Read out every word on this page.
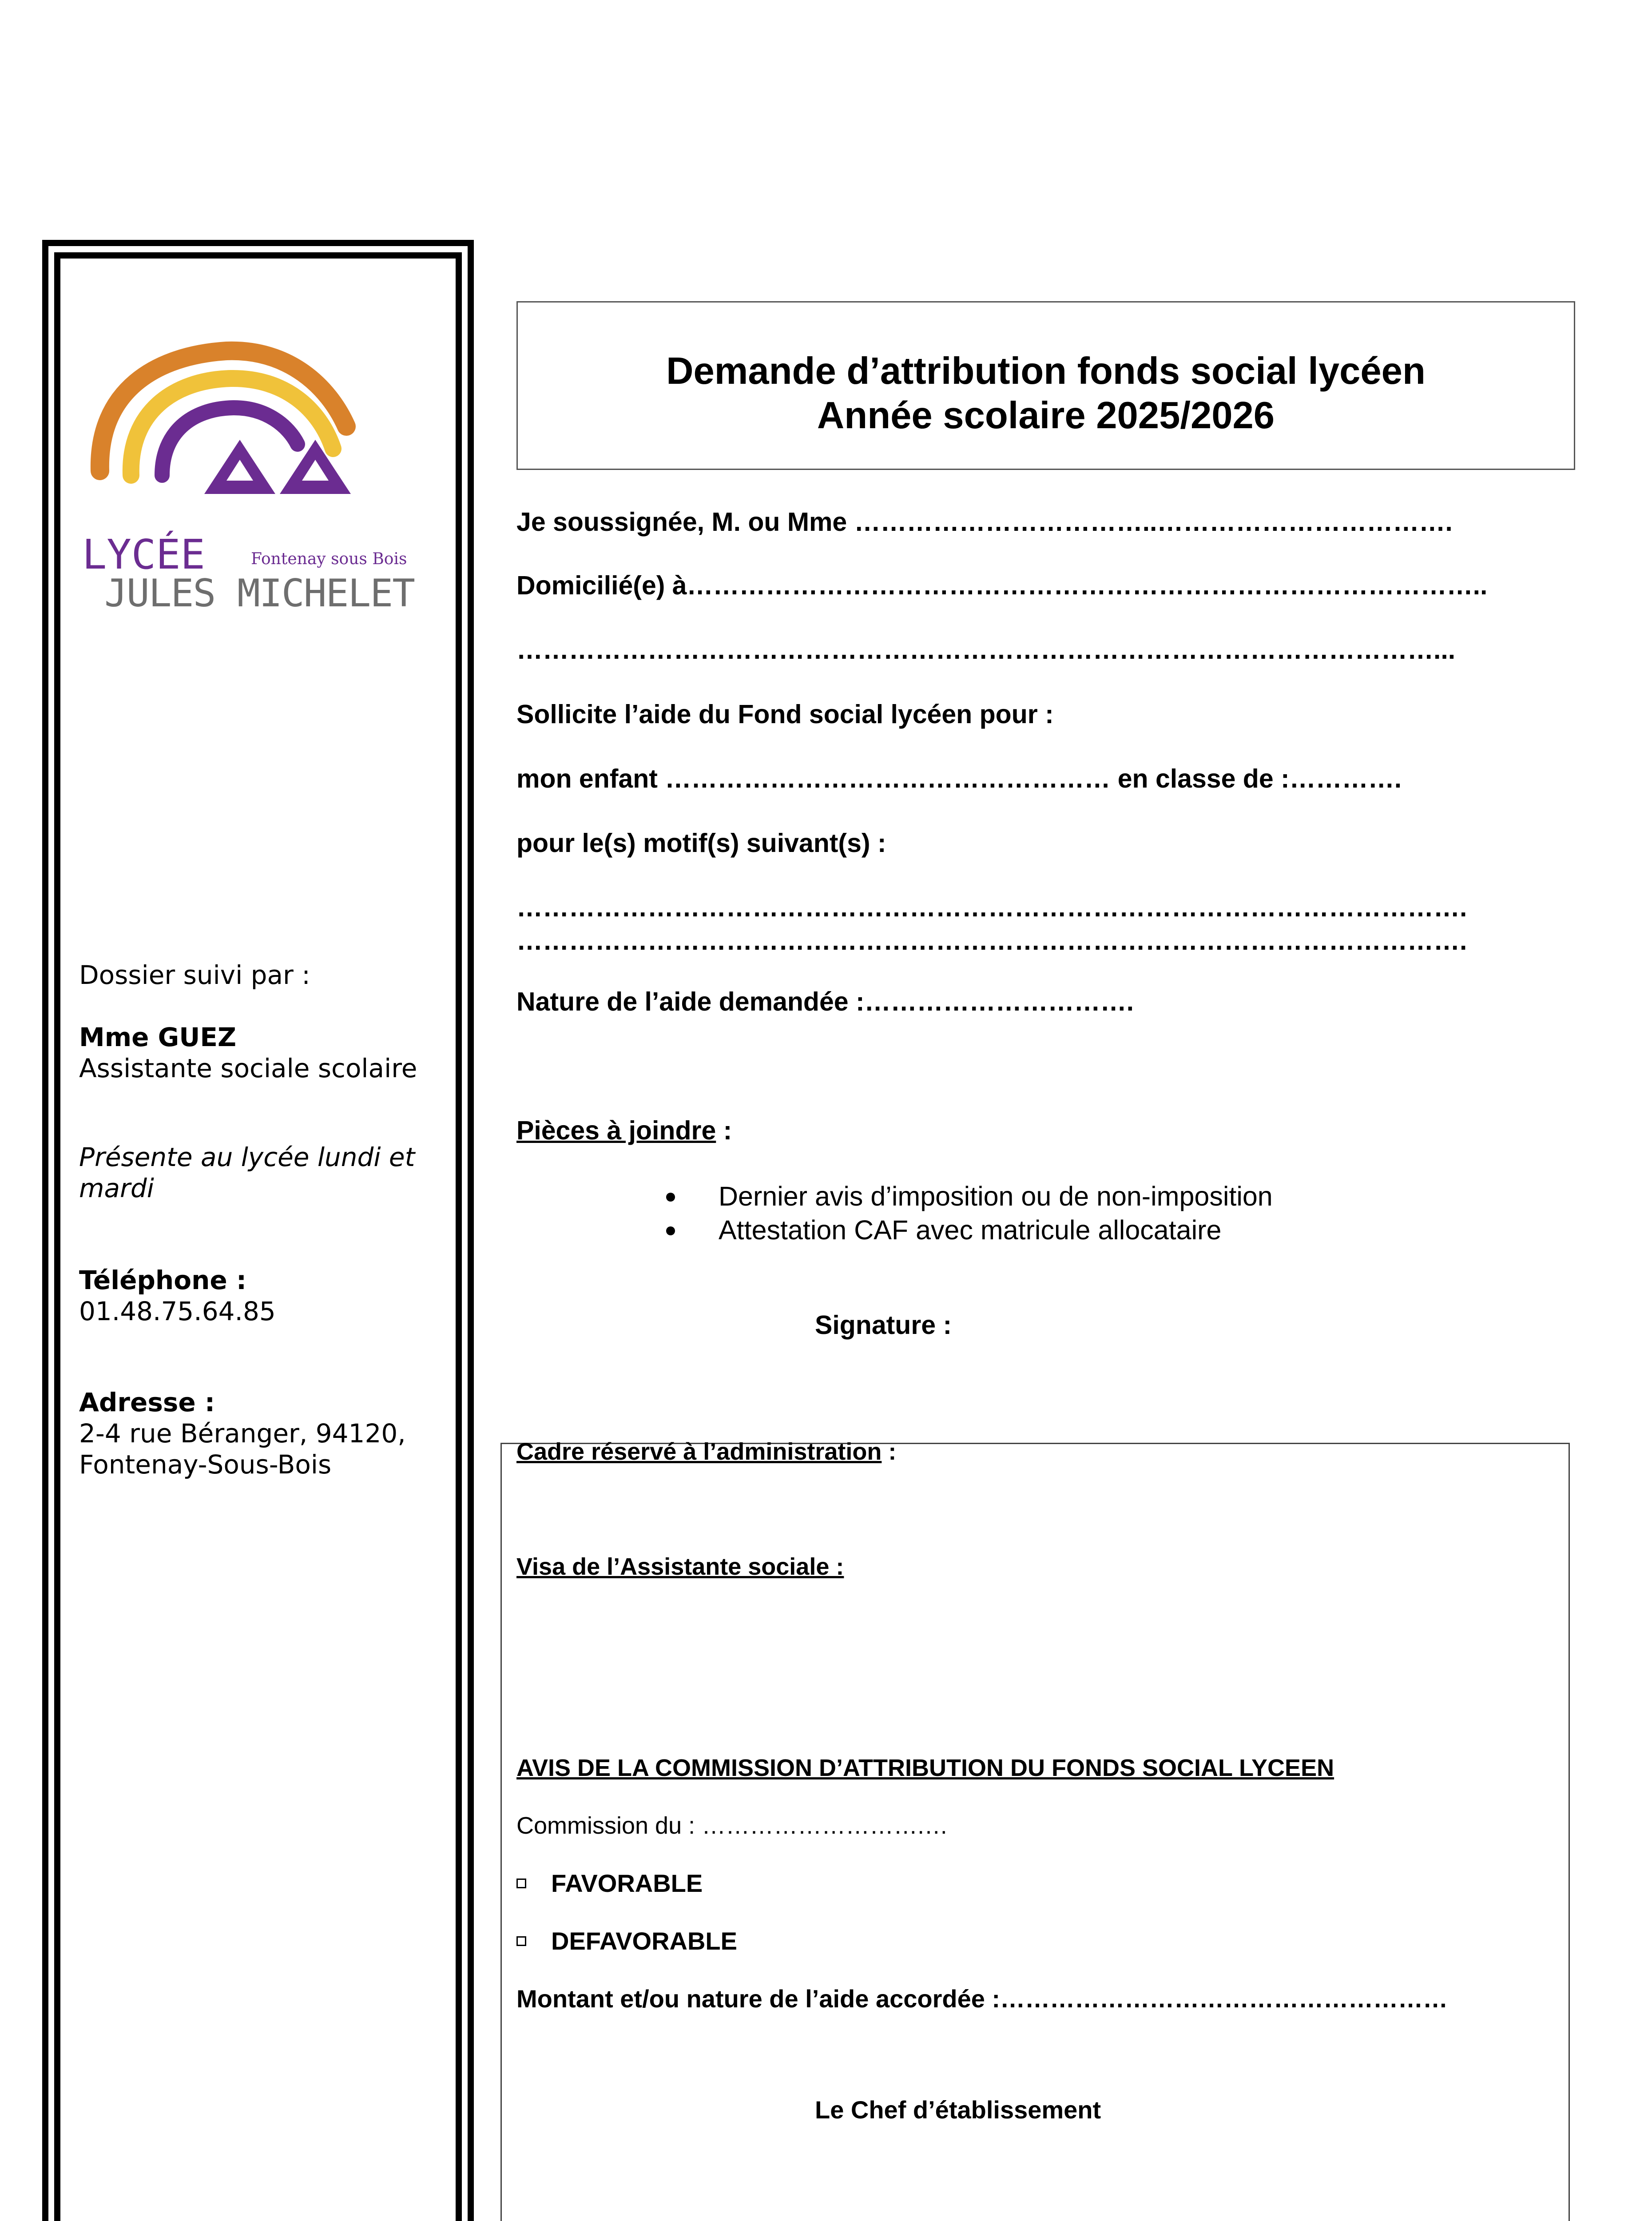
LYCÉE	Fontenay sous Bois
JULES MICHELET
Dossier suivi par :
Mme GUEZ
Assistante sociale scolaire
Présente au lycée lundi et
mardi
Téléphone :
01.48.75.64.85
Adresse :
2-4 rue Béranger, 94120,
Fontenay-Sous-Bois
Demande d’attribution fonds social lycéen
Année scolaire 2025/2026
Je soussignée, M. ou Mme ……………………………..…………………………….
Domicilié(e) à………………………………………………………………………………..
……………………………………………………………………………………………...
Sollicite l’aide du Fond social lycéen pour :
mon enfant …………………………………………… en classe de :………….
pour le(s) motif(s) suivant(s) :
……………………………………………………………………………………………….
……………………………………………………………………………………………….
Nature de l’aide demandée :………………………….
Pièces à joindre :
Dernier avis d’imposition ou de non-imposition
Attestation CAF avec matricule allocataire
Signature :
Cadre réservé à l’administration :
Visa de l’Assistante sociale :
AVIS DE LA COMMISSION D’ATTRIBUTION DU FONDS SOCIAL LYCEEN
Commission du : ……………………….…
FAVORABLE
DEFAVORABLE
Montant et/ou nature de l’aide accordée :………………………………………………
Le Chef d’établissement
